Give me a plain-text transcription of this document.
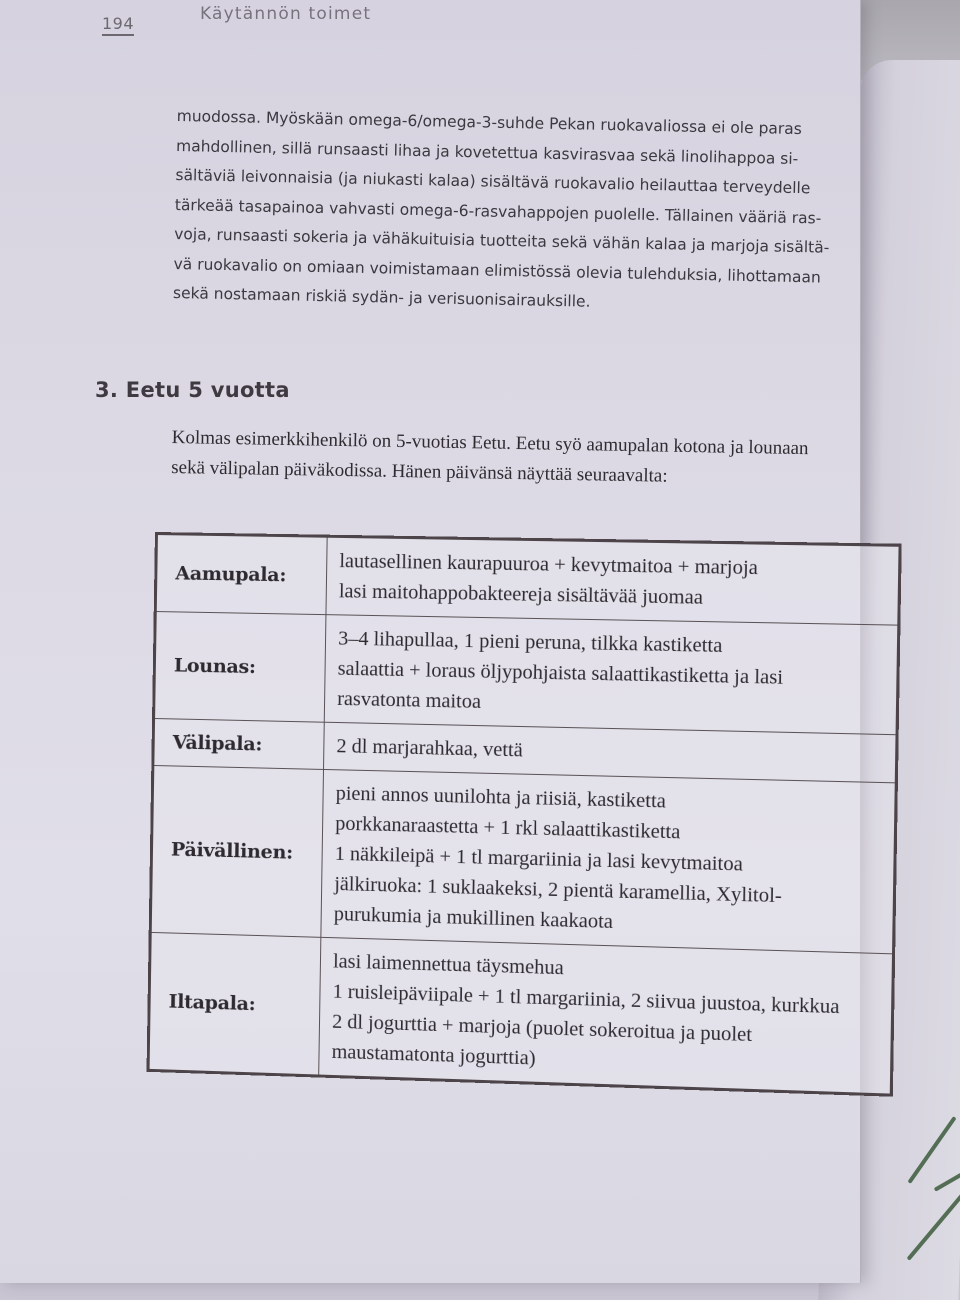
194	Käytännön toimet
muodossa. Myöskään omega-6/omega-3-suhde Pekan ruokavaliossa ei ole paras
mahdollinen, sillä runsaasti lihaa ja kovetettua kasvirasvaa sekä linolihappoa si-
sältäviä leivonnaisia (ja niukasti kalaa) sisältävä ruokavalio heilauttaa terveydelle
tärkeää tasapainoa vahvasti omega-6-rasvahappojen puolelle. Tällainen vääriä ras-
voja, runsaasti sokeria ja vähäkuituisia tuotteita sekä vähän kalaa ja marjoja sisältä-
vä ruokavalio on omiaan voimistamaan elimistössä olevia tulehduksia, lihottamaan
sekä nostamaan riskiä sydän- ja verisuonisairauksille.
3. Eetu 5 vuotta
Kolmas esimerkkihenkilö on 5-vuotias Eetu. Eetu syö aamupalan kotona ja lounaan
sekä välipalan päiväkodissa. Hänen päivänsä näyttää seuraavalta:
Aamupala:	lautasellinen kaurapuuroa + kevytmaitoa + marjoja
lasi maitohappobakteereja sisältävää juomaa

Lounas:	3–4 lihapullaa, 1 pieni peruna, tilkka kastiketta
salaattia + loraus öljypohjaista salaattikastiketta ja lasi
rasvatonta maitoa

Välipala:	2 dl marjarahkaa, vettä

Päivällinen:	pieni annos uunilohta ja riisiä, kastiketta
porkkanaraastetta + 1 rkl salaattikastiketta
1 näkkileipä + 1 tl margariinia ja lasi kevytmaitoa
jälkiruoka: 1 suklaakeksi, 2 pientä karamellia, Xylitol-
purukumia ja mukillinen kaakaota

Iltapala:	lasi laimennettua täysmehua
1 ruisleipäviipale + 1 tl margariinia, 2 siivua juustoa, kurkkua
2 dl jogurttia + marjoja (puolet sokeroitua ja puolet
maustamatonta jogurttia)
